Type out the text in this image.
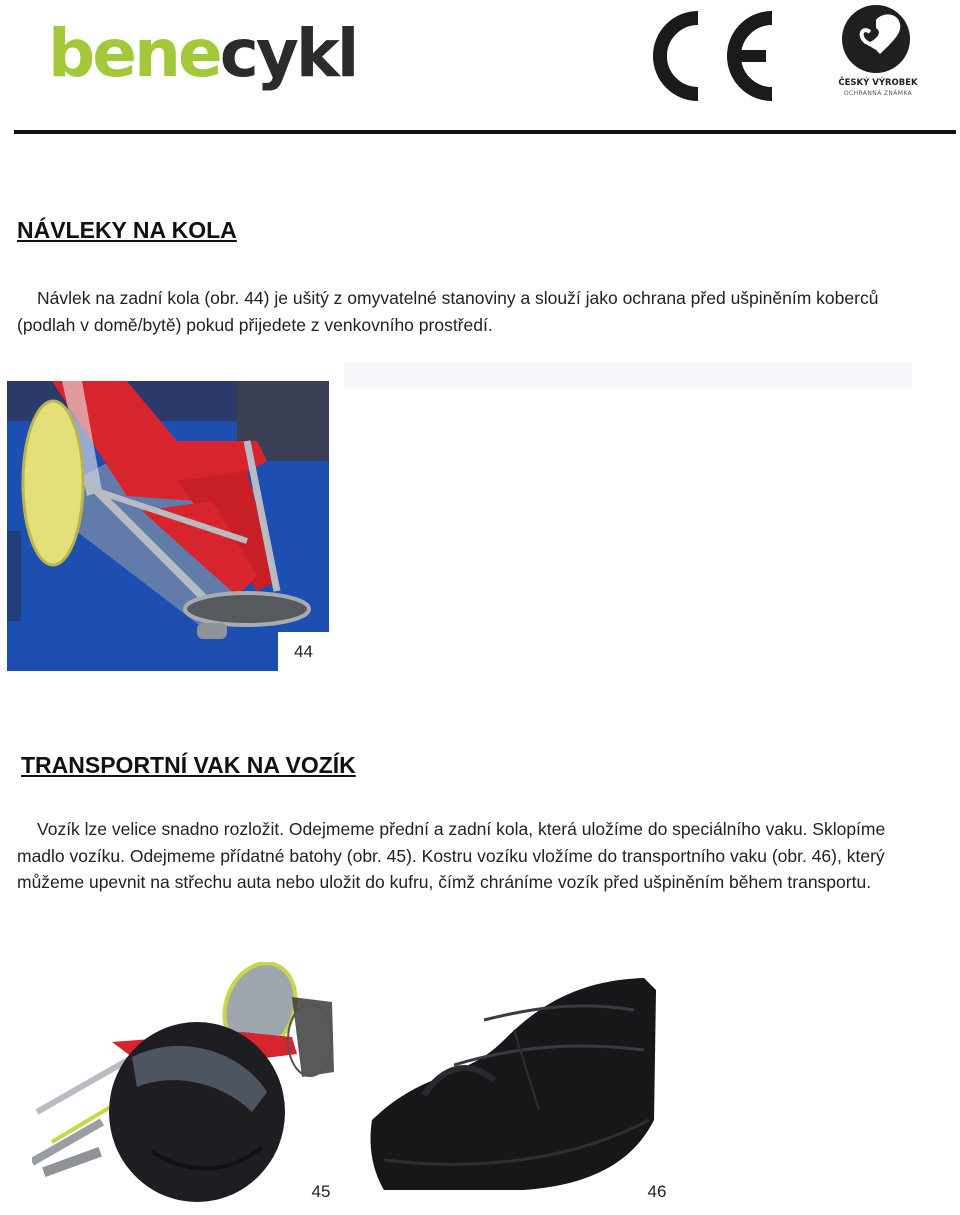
benecykl	ČESKÝ VÝROBEK
OCHRANNÁ ZNÁMKA
NÁVLEKY NA KOLA
Návlek na zadní kola (obr. 44) je ušitý z omyvatelné stanoviny a slouží jako ochrana před ušpiněním koberců (podlah v domě/bytě) pokud přijedete z venkovního prostředí.
44
TRANSPORTNÍ VAK NA VOZÍK
Vozík lze velice snadno rozložit. Odejmeme přední a zadní kola, která uložíme do speciálního vaku. Sklopíme madlo vozíku. Odejmeme přídatné batohy (obr. 45). Kostru vozíku vložíme do transportního vaku (obr. 46), který můžeme upevnit na střechu auta nebo uložit do kufru, čímž chráníme vozík před ušpiněním během transportu.
45	46
